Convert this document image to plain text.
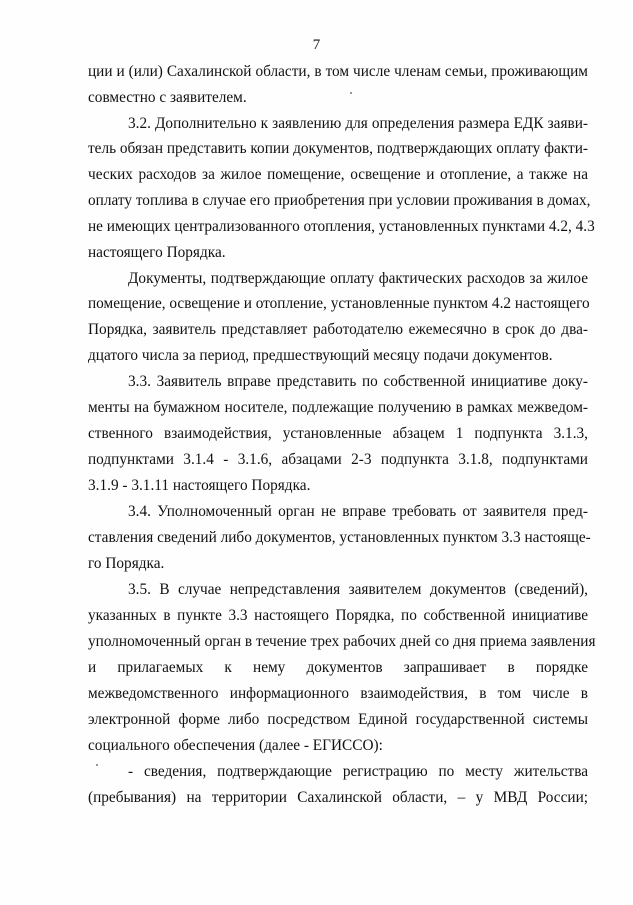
7
ции и (или) Сахалинской области, в том числе членам семьи, проживающим
совместно с заявителем.
3.2. Дополнительно к заявлению для определения размера ЕДК заяви-
тель обязан представить копии документов, подтверждающих оплату факти-
ческих расходов за жилое помещение, освещение и отопление, а также на
оплату топлива в случае его приобретения при условии проживания в домах,
не имеющих централизованного отопления, установленных пунктами 4.2, 4.3
настоящего Порядка.
Документы, подтверждающие оплату фактических расходов за жилое
помещение, освещение и отопление, установленные пунктом 4.2 настоящего
Порядка, заявитель представляет работодателю ежемесячно в срок до два-
дцатого числа за период, предшествующий месяцу подачи документов.
3.3. Заявитель вправе представить по собственной инициативе доку-
менты на бумажном носителе, подлежащие получению в рамках межведом-
ственного взаимодействия, установленные абзацем 1 подпункта 3.1.3,
подпунктами 3.1.4 - 3.1.6, абзацами 2-3 подпункта 3.1.8, подпунктами
3.1.9 - 3.1.11 настоящего Порядка.
3.4. Уполномоченный орган не вправе требовать от заявителя пред-
ставления сведений либо документов, установленных пунктом 3.3 настояще-
го Порядка.
3.5. В случае непредставления заявителем документов (сведений),
указанных в пункте 3.3 настоящего Порядка, по собственной инициативе
уполномоченный орган в течение трех рабочих дней со дня приема заявления
и прилагаемых к нему документов запрашивает в порядке
межведомственного информационного взаимодействия, в том числе в
электронной форме либо посредством Единой государственной системы
социального обеспечения (далее - ЕГИССО):
- сведения, подтверждающие регистрацию по месту жительства
(пребывания) на территории Сахалинской области, – у МВД России;
